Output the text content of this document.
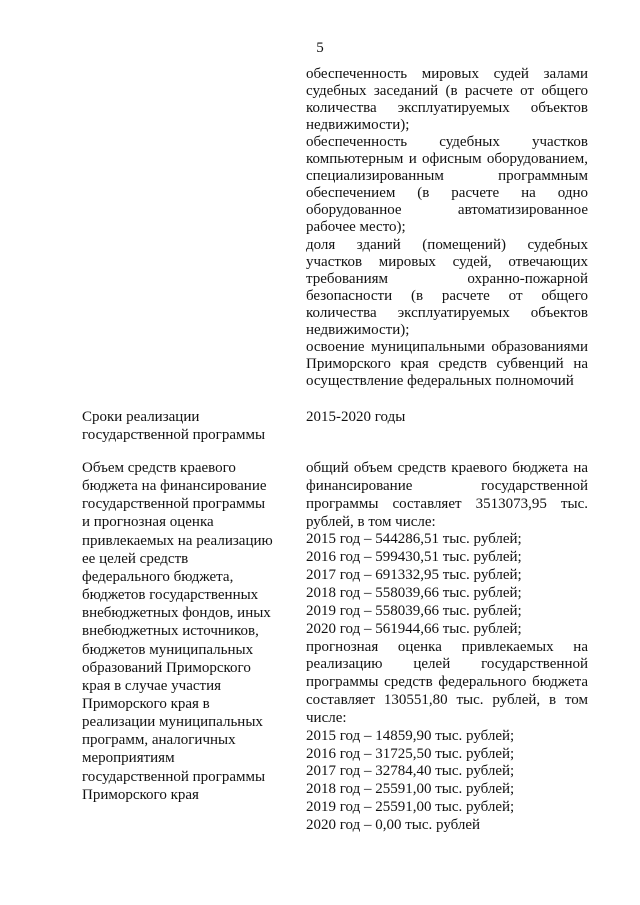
5
обеспеченность мировых судей залами
судебных заседаний (в расчете от общего
количества эксплуатируемых объектов
недвижимости);
обеспеченность судебных участков
компьютерным и офисным оборудованием,
специализированным программным
обеспечением (в расчете на одно
оборудованное автоматизированное
рабочее место);
доля зданий (помещений) судебных
участков мировых судей, отвечающих
требованиям охранно-пожарной
безопасности (в расчете от общего
количества эксплуатируемых объектов
недвижимости);
освоение муниципальными образованиями
Приморского края средств субвенций на
осуществление федеральных полномочий
Сроки реализации
государственной программы
2015-2020 годы
Объем средств краевого
бюджета на финансирование
государственной программы
и прогнозная оценка
привлекаемых на реализацию
ее целей средств
федерального бюджета,
бюджетов государственных
внебюджетных фондов, иных
внебюджетных источников,
бюджетов муниципальных
образований Приморского
края в случае участия
Приморского края в
реализации муниципальных
программ, аналогичных
мероприятиям
государственной программы
Приморского края
общий объем средств краевого бюджета на
финансирование государственной
программы составляет 3513073,95 тыс.
рублей, в том числе:
2015 год – 544286,51 тыс. рублей;
2016 год – 599430,51 тыс. рублей;
2017 год – 691332,95 тыс. рублей;
2018 год – 558039,66 тыс. рублей;
2019 год – 558039,66 тыс. рублей;
2020 год – 561944,66 тыс. рублей;
прогнозная оценка привлекаемых на
реализацию целей государственной
программы средств федерального бюджета
составляет 130551,80 тыс. рублей, в том
числе:
2015 год – 14859,90 тыс. рублей;
2016 год – 31725,50 тыс. рублей;
2017 год – 32784,40 тыс. рублей;
2018 год – 25591,00 тыс. рублей;
2019 год – 25591,00 тыс. рублей;
2020 год – 0,00 тыс. рублей
